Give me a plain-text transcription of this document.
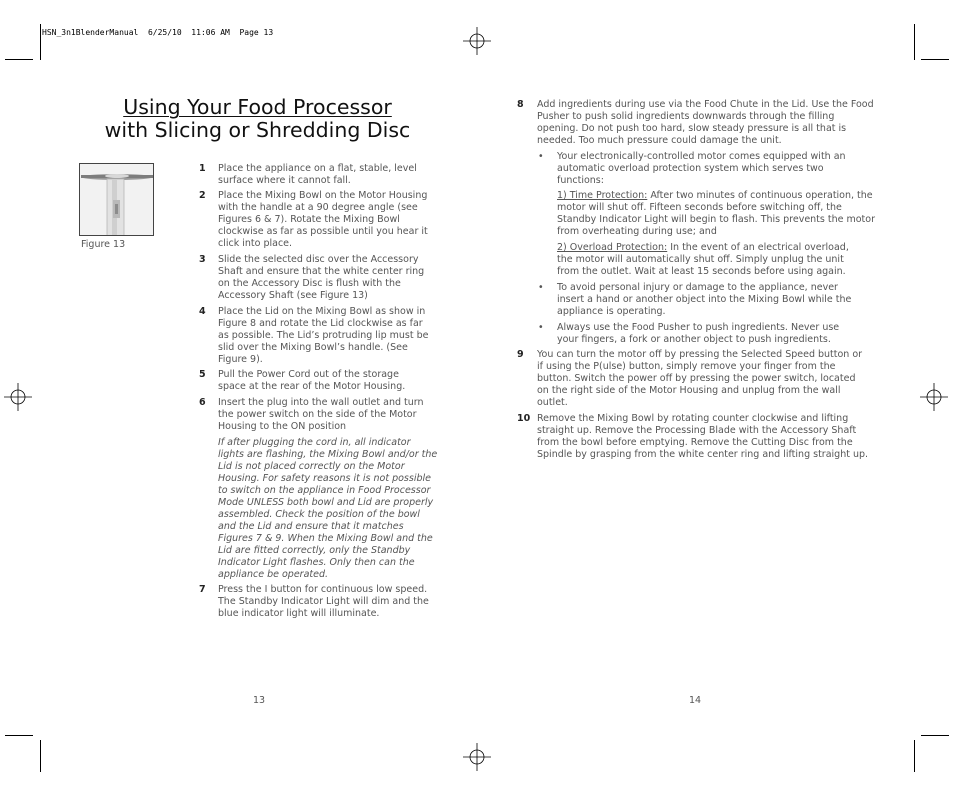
HSN_3n1BlenderManual  6/25/10  11:06 AM  Page 13
Using Your Food Processor
with Slicing or Shredding Disc
Figure 13
1 Place the appliance on a flat, stable, level surface where it cannot fall.
2 Place the Mixing Bowl on the Motor Housing with the handle at a 90 degree angle (see Figures 6 & 7). Rotate the Mixing Bowl clockwise as far as possible until you hear it click into place.
3 Slide the selected disc over the Accessory Shaft and ensure that the white center ring on the Accessory Disc is flush with the Accessory Shaft (see Figure 13)
4 Place the Lid on the Mixing Bowl as show in Figure 8 and rotate the Lid clockwise as far as possible. The Lid’s protruding lip must be slid over the Mixing Bowl’s handle. (See Figure 9).
5 Pull the Power Cord out of the storage space at the rear of the Motor Housing.
6 Insert the plug into the wall outlet and turn the power switch on the side of the Motor Housing to the ON position
If after plugging the cord in, all indicator lights are flashing, the Mixing Bowl and/or the Lid is not placed correctly on the Motor Housing. For safety reasons it is not possible to switch on the appliance in Food Processor Mode UNLESS both bowl and Lid are properly assembled. Check the position of the bowl and the Lid and ensure that it matches Figures 7 & 9. When the Mixing Bowl and the Lid are fitted correctly, only the Standby Indicator Light flashes. Only then can the appliance be operated.
7 Press the I button for continuous low speed. The Standby Indicator Light will dim and the blue indicator light will illuminate.
8 Add ingredients during use via the Food Chute in the Lid. Use the Food Pusher to push solid ingredients downwards through the filling opening. Do not push too hard, slow steady pressure is all that is needed. Too much pressure could damage the unit.
• Your electronically-controlled motor comes equipped with an automatic overload protection system which serves two functions:
1) Time Protection: After two minutes of continuous operation, the motor will shut off. Fifteen seconds before switching off, the Standby Indicator Light will begin to flash. This prevents the motor from overheating during use; and
2) Overload Protection: In the event of an electrical overload, the motor will automatically shut off. Simply unplug the unit from the outlet. Wait at least 15 seconds before using again.
• To avoid personal injury or damage to the appliance, never insert a hand or another object into the Mixing Bowl while the appliance is operating.
• Always use the Food Pusher to push ingredients. Never use your fingers, a fork or another object to push ingredients.
9 You can turn the motor off by pressing the Selected Speed button or if using the P(ulse) button, simply remove your finger from the button. Switch the power off by pressing the power switch, located on the right side of the Motor Housing and unplug from the wall outlet.
10 Remove the Mixing Bowl by rotating counter clockwise and lifting straight up. Remove the Processing Blade with the Accessory Shaft from the bowl before emptying. Remove the Cutting Disc from the Spindle by grasping from the white center ring and lifting straight up.
13	14
